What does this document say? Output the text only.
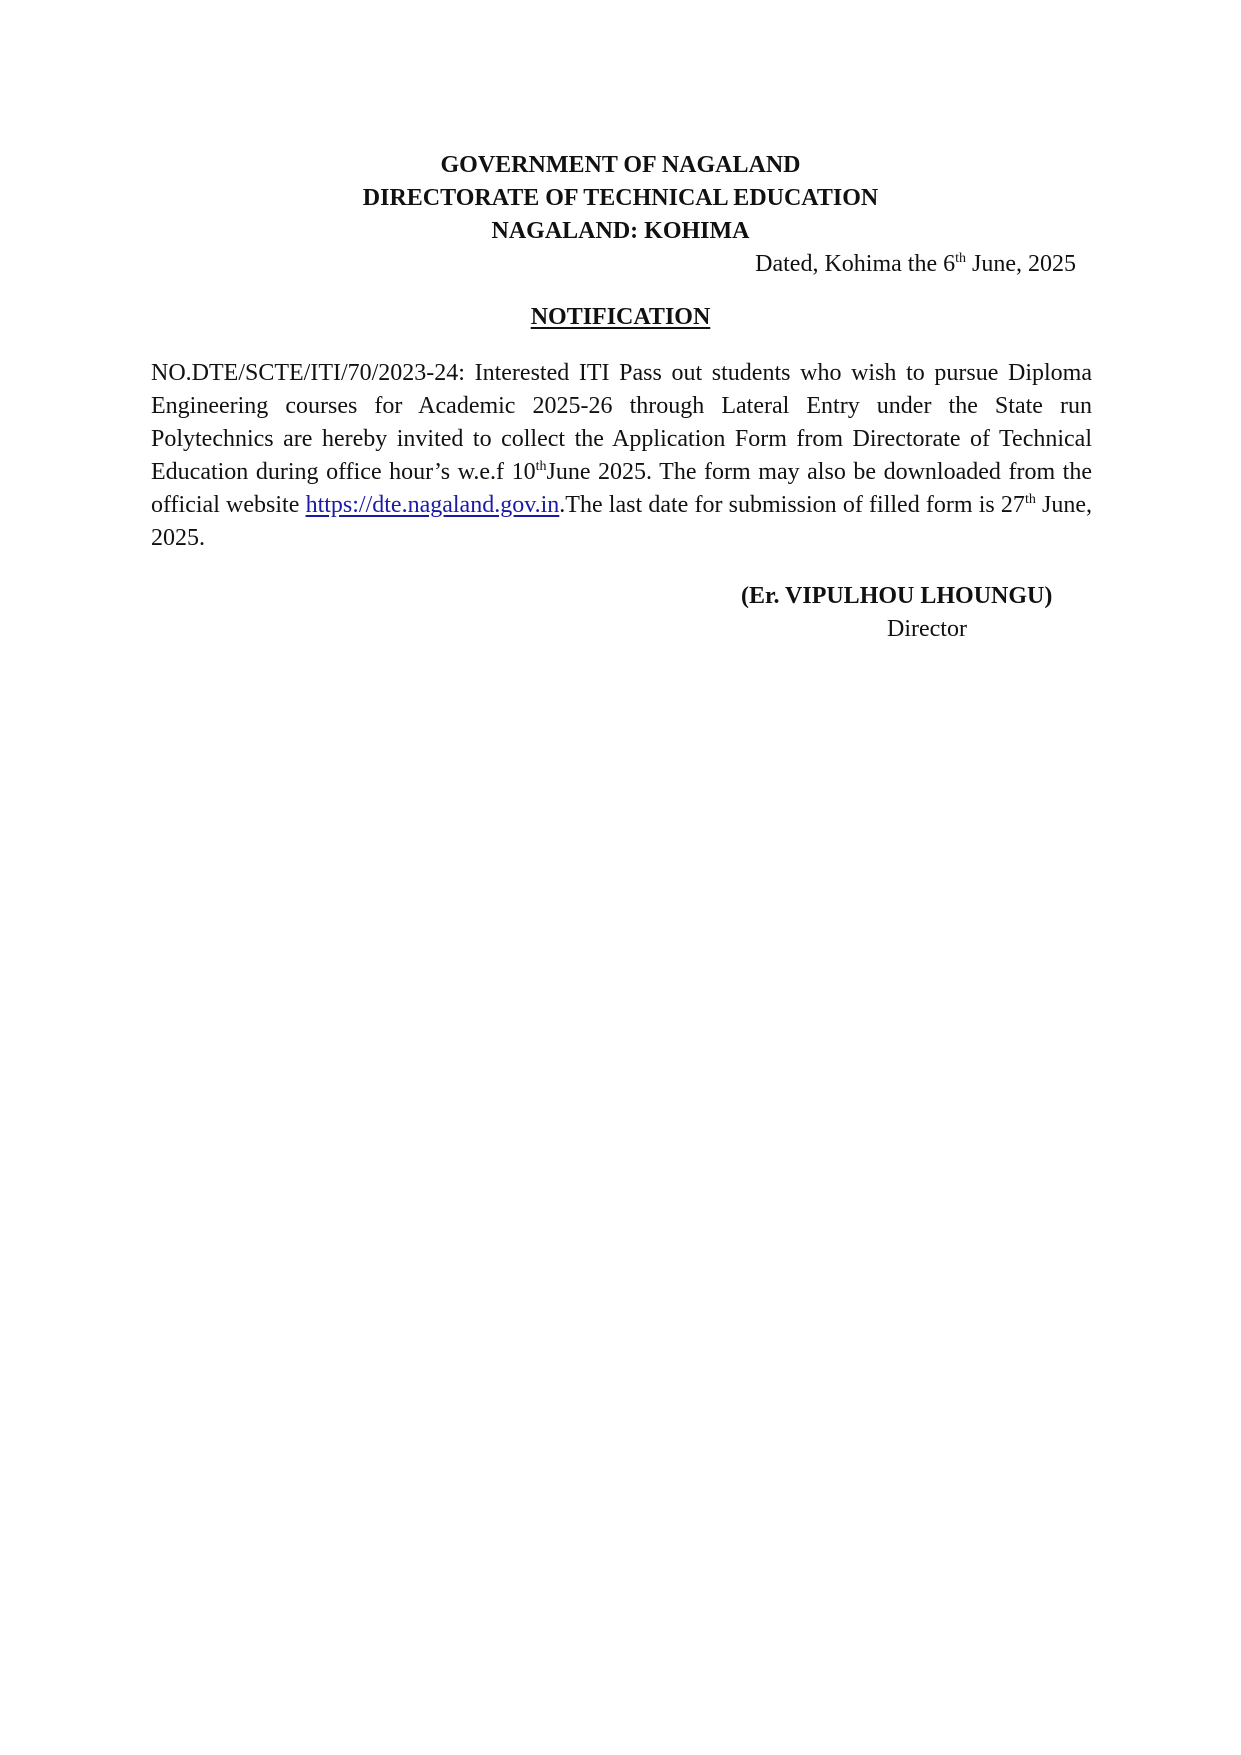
GOVERNMENT OF NAGALAND
DIRECTORATE OF TECHNICAL EDUCATION
NAGALAND: KOHIMA
Dated, Kohima the 6th June, 2025
NOTIFICATION
NO.DTE/SCTE/ITI/70/2023-24: Interested ITI Pass out students who wish to pursue Diploma Engineering courses for Academic 2025-26 through Lateral Entry under the State run Polytechnics are hereby invited to collect the Application Form from Directorate of Technical Education during office hour’s w.e.f 10thJune 2025. The form may also be downloaded from the official website https://dte.nagaland.gov.in.The last date for submission of filled form is 27th June, 2025.
(Er. VIPULHOU LHOUNGU)
Director
